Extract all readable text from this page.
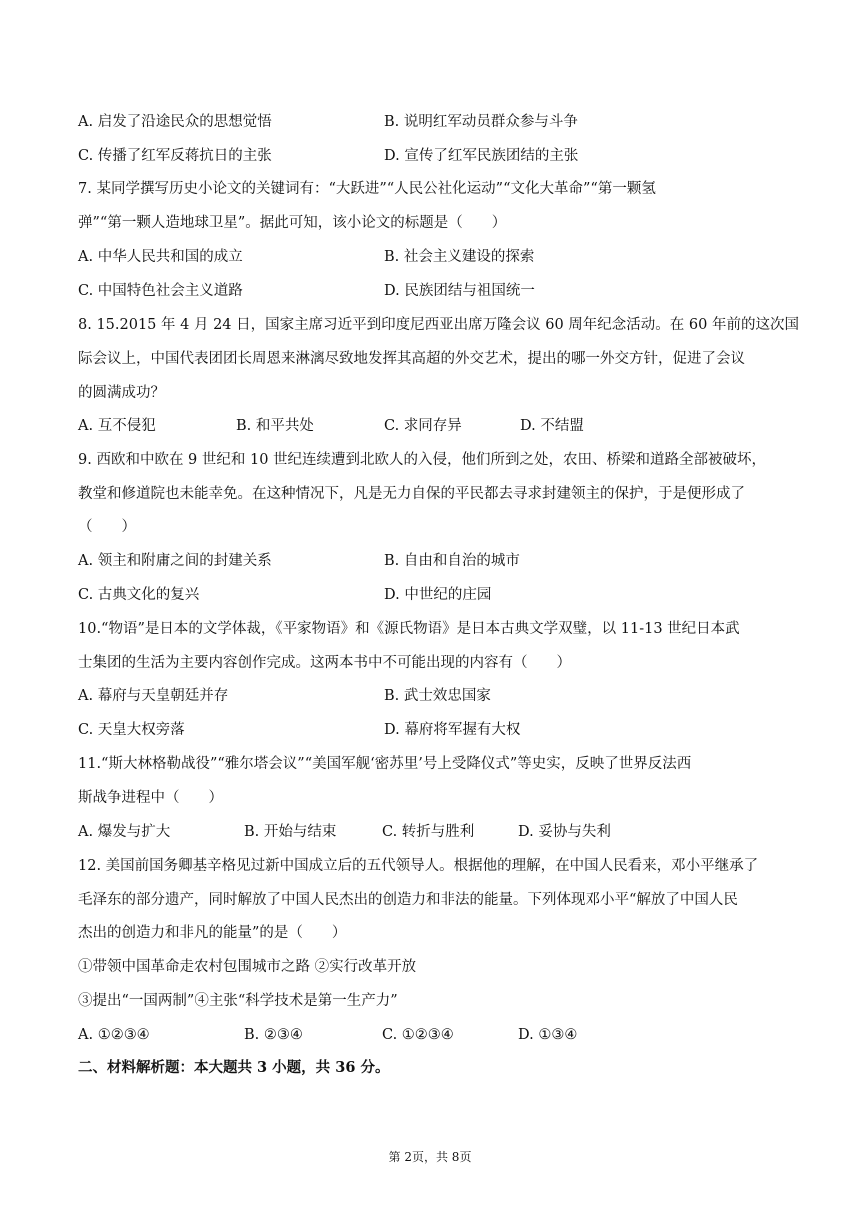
A. 启发了沿途民众的思想觉悟	B. 说明红军动员群众参与斗争
C. 传播了红军反蒋抗日的主张	D. 宣传了红军民族团结的主张
7. 某同学撰写历史小论文的关键词有：“大跃进”“人民公社化运动”“文化大革命”“第一颗氢
弹”“第一颗人造地球卫星”。据此可知，该小论文的标题是（　　）
A. 中华人民共和国的成立	B. 社会主义建设的探索
C. 中国特色社会主义道路	D. 民族团结与祖国统一
8. 15.2015 年 4 月 24 日，国家主席习近平到印度尼西亚出席万隆会议 60 周年纪念活动。在 60 年前的这次国
际会议上，中国代表团团长周恩来淋漓尽致地发挥其高超的外交艺术，提出的哪一外交方针，促进了会议
的圆满成功？
A. 互不侵犯	B. 和平共处	C. 求同存异	D. 不结盟
9. 西欧和中欧在 9 世纪和 10 世纪连续遭到北欧人的入侵，他们所到之处，农田、桥梁和道路全部被破坏，
教堂和修道院也未能幸免。在这种情况下，凡是无力自保的平民都去寻求封建领主的保护，于是便形成了
（　　）
A. 领主和附庸之间的封建关系	B. 自由和自治的城市
C. 古典文化的复兴	D. 中世纪的庄园
10.“物语”是日本的文学体裁，《平家物语》和《源氏物语》是日本古典文学双璧，以 11-13 世纪日本武
士集团的生活为主要内容创作完成。这两本书中不可能出现的内容有（　　）
A. 幕府与天皇朝廷并存	B. 武士效忠国家
C. 天皇大权旁落	D. 幕府将军握有大权
11.“斯大林格勒战役”“雅尔塔会议”“美国军舰‘密苏里’号上受降仪式”等史实，反映了世界反法西
斯战争进程中（　　）
A. 爆发与扩大	B. 开始与结束	C. 转折与胜利	D. 妥协与失利
12. 美国前国务卿基辛格见过新中国成立后的五代领导人。根据他的理解，在中国人民看来，邓小平继承了
毛泽东的部分遗产，同时解放了中国人民杰出的创造力和非法的能量。下列体现邓小平“解放了中国人民
杰出的创造力和非凡的能量”的是（　　）
①带领中国革命走农村包围城市之路 ②实行改革开放
③提出“一国两制”④主张“科学技术是第一生产力”
A. ①②③④	B. ②③④	C. ①②③④	D. ①③④
二、材料解析题：本大题共 3 小题，共 36 分。
第 2页，共 8页
